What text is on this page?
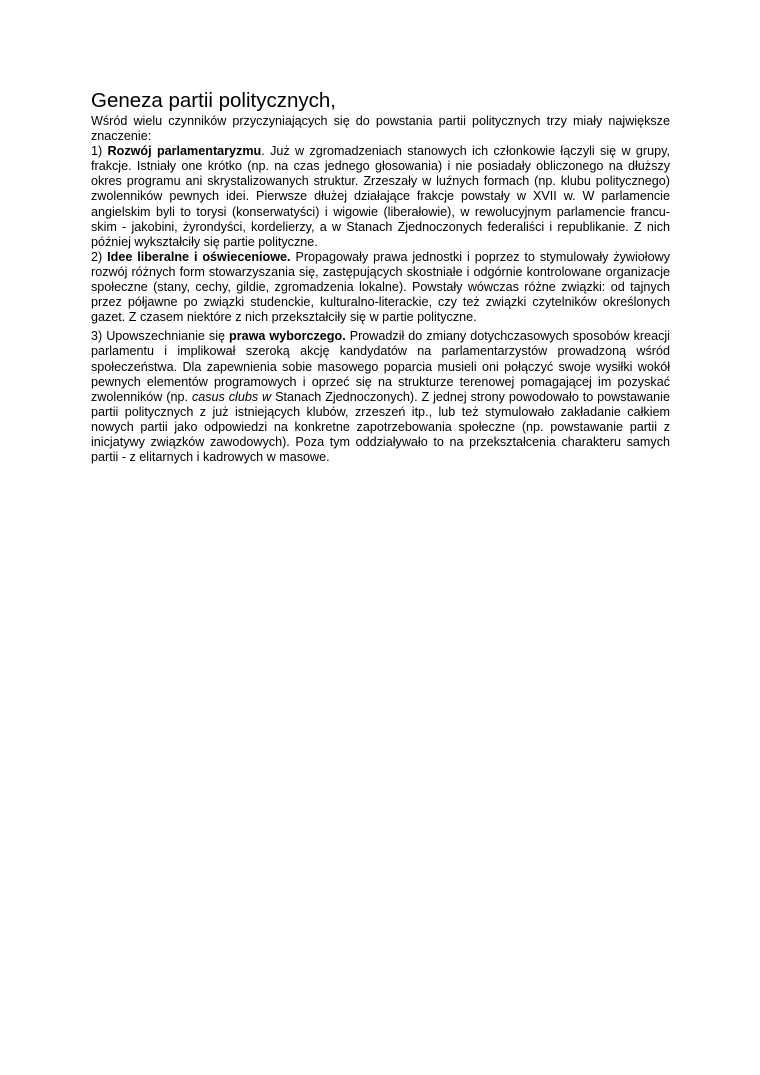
Geneza partii politycznych,

Wśród wielu czynników przyczyniających się do powstania partii politycznych trzy miały największe znaczenie:

1) Rozwój parlamentaryzmu. Już w zgromadzeniach stanowych ich członkowie łączyli się w grupy, frakcje. Istniały one krótko (np. na czas jednego głosowania) i nie posiadały obliczonego na dłuższy okres programu ani skrystalizowanych struktur. Zrzeszały w luźnych formach (np. klubu politycznego) zwolenników pewnych idei. Pierwsze dłużej działające frakcje powstały w XVII w. W parlamencie angielskim byli to torysi (konserwatyści) i wigowie (liberałowie), w rewolucyjnym parlamencie francu-skim - jakobini, żyrondyści, kordelierzy, a w Stanach Zjednoczonych federaliści i republikanie. Z nich później wykształciły się partie polityczne.

2) Idee liberalne i oświeceniowe. Propagowały prawa jednostki i poprzez to stymulowały żywiołowy rozwój różnych form stowarzyszania się, zastępujących skostniałe i odgórnie kontrolowane organizacje społeczne (stany, cechy, gildie, zgromadzenia lokalne). Powstały wówczas różne związki: od tajnych przez półjawne po związki studenckie, kulturalno-literackie, czy też związki czytelników określonych gazet. Z czasem niektóre z nich przekształciły się w partie polityczne.

3) Upowszechnianie się prawa wyborczego. Prowadził do zmiany dotychczasowych sposobów kreacji parlamentu i implikował szeroką akcję kandydatów na parlamentarzystów prowadzoną wśród społeczeństwa. Dla zapewnienia sobie masowego poparcia musieli oni połączyć swoje wysiłki wokół pewnych elementów programowych i oprzeć się na strukturze terenowej pomagającej im pozyskać zwolenników (np. casus clubs w Stanach Zjednoczonych). Z jednej strony powodowało to powstawanie partii politycznych z już istniejących klubów, zrzeszeń itp., lub też stymulowało zakładanie całkiem nowych partii jako odpowiedzi na konkretne zapotrzebowania społeczne (np. powstawanie partii z inicjatywy związków zawodowych). Poza tym oddziaływało to na przekształcenia charakteru samych partii - z elitarnych i kadrowych w masowe.
